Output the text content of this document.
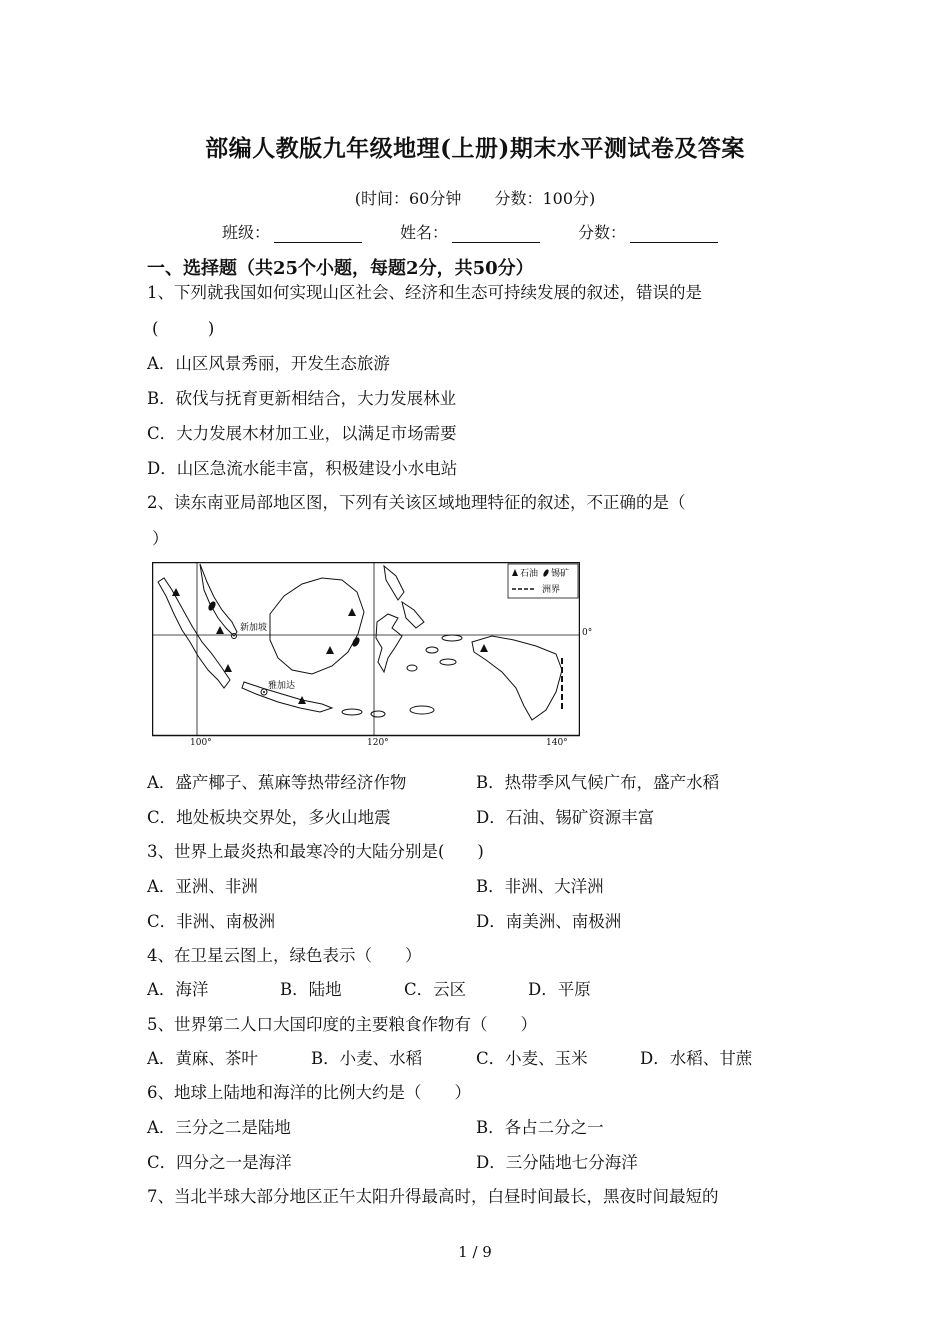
部编人教版九年级地理(上册)期末水平测试卷及答案
(时间：60分钟 分数：100分)
班级：	姓名：	分数：
一、选择题（共25个小题，每题2分，共50分）
1、下列就我国如何实现山区社会、经济和生态可持续发展的叙述，错误的是
(　　　)
A．山区风景秀丽，开发生态旅游
B．砍伐与抚育更新相结合，大力发展林业
C．大力发展木材加工业，以满足市场需要
D．山区急流水能丰富，积极建设小水电站
2、读东南亚局部地区图，下列有关该区域地理特征的叙述，不正确的是（
）
新加坡
雅加达
石油 锡矿
洲界
0°
100°	120°	140°
A．盛产椰子、蕉麻等热带经济作物	B．热带季风气候广布，盛产水稻
C．地处板块交界处，多火山地震	D．石油、锡矿资源丰富
3、世界上最炎热和最寒冷的大陆分别是(　　)
A．亚洲、非洲	B．非洲、大洋洲
C．非洲、南极洲	D．南美洲、南极洲
4、在卫星云图上，绿色表示（　　）
A．海洋	B．陆地	C．云区	D．平原
5、世界第二人口大国印度的主要粮食作物有（　　）
A．黄麻、茶叶	B．小麦、水稻	C．小麦、玉米	D．水稻、甘蔗
6、地球上陆地和海洋的比例大约是（　　）
A．三分之二是陆地	B．各占二分之一
C．四分之一是海洋	D．三分陆地七分海洋
7、当北半球大部分地区正午太阳升得最高时，白昼时间最长，黑夜时间最短的
1 / 9
